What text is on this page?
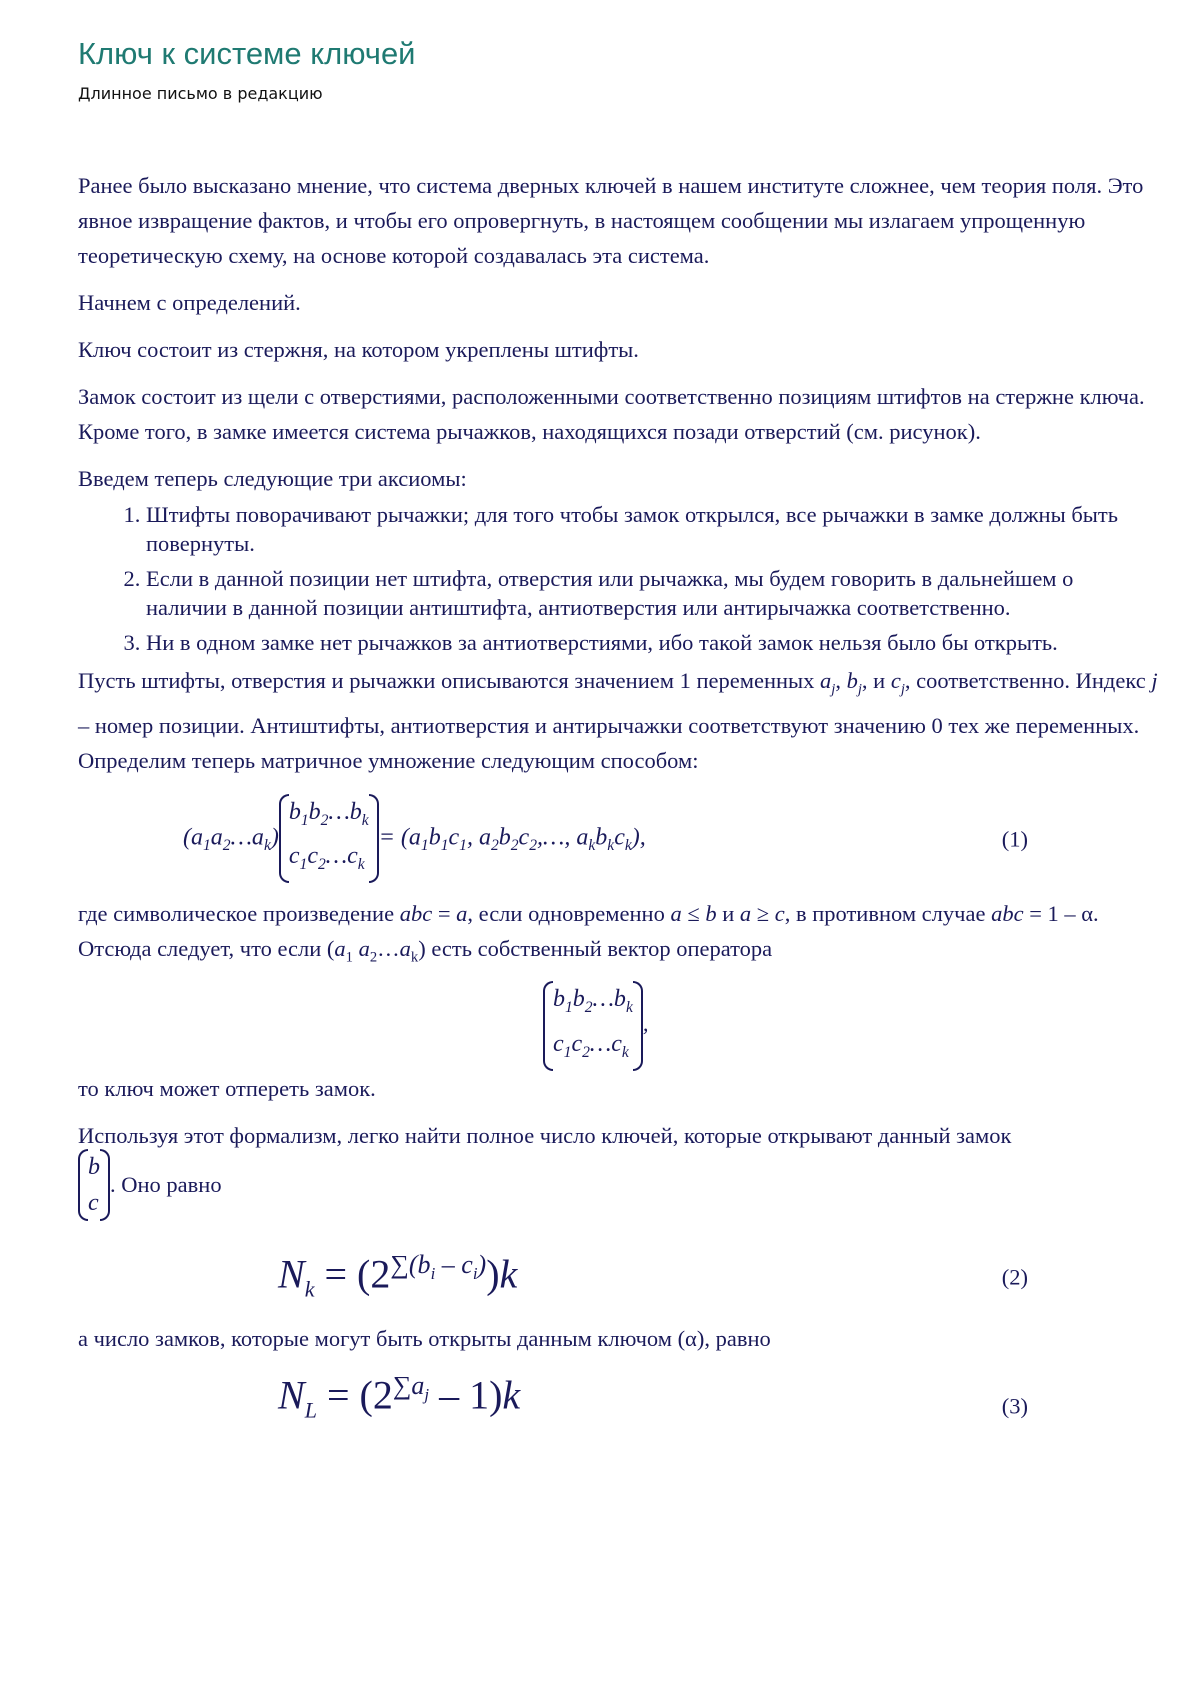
Ключ к системе ключей
Длинное письмо в редакцию

Ранее было высказано мнение, что система дверных ключей в нашем институте сложнее, чем теория поля. Это явное извращение фактов, и чтобы его опровергнуть, в настоящем сообщении мы излагаем упрощенную теоретическую схему, на основе которой создавалась эта система.

Начнем с определений.

Ключ состоит из стержня, на котором укреплены штифты.

Замок состоит из щели с отверстиями, расположенными соответственно позициям штифтов на стержне ключа. Кроме того, в замке имеется система рычажков, находящихся позади отверстий (см. рисунок).

Введем теперь следующие три аксиомы:

1. Штифты поворачивают рычажки; для того чтобы замок открылся, все рычажки в замке должны быть повернуты.
2. Если в данной позиции нет штифта, отверстия или рычажка, мы будем говорить в дальнейшем о наличии в данной позиции антиштифта, антиотверстия или антирычажка соответственно.
3. Ни в одном замке нет рычажков за антиотверстиями, ибо такой замок нельзя было бы открыть.

Пусть штифты, отверстия и рычажки описываются значением 1 переменных $a_j$, $b_j$, и $c_j$, соответственно. Индекс j – номер позиции. Антиштифты, антиотверстия и антирычажки соответствуют значению 0 тех же переменных. Определим теперь матричное умножение следующим способом:

$(a_1a_2\dots a_k)$
$b_1b_2\dots b_k$
$c_1c_2\dots c_k$
= ($a_1b_1c_1$, $a_2b_2c_2,\dots$, $a_kb_kc_k$),	(1)

где символическое произведение abc = a, если одновременно a ≤ b и a ≥ c, в противном случае abc = 1 – α. Отсюда следует, что если ($a_1$ $a_2\dots a_k$) есть собственный вектор оператора

$b_1b_2\dots b_k$
$c_1c_2\dots c_k$
,

то ключ может отпереть замок.

Используя этот формализм, легко найти полное число ключей, которые открывают данный замок

b
c
. Оно равно

$N_k = (2^{\sum(b_i - c_i)})k$	(2)

а число замков, которые могут быть открыты данным ключом (α), равно

$N_L = (2^{\sum a_j} - 1)k$	(3)
